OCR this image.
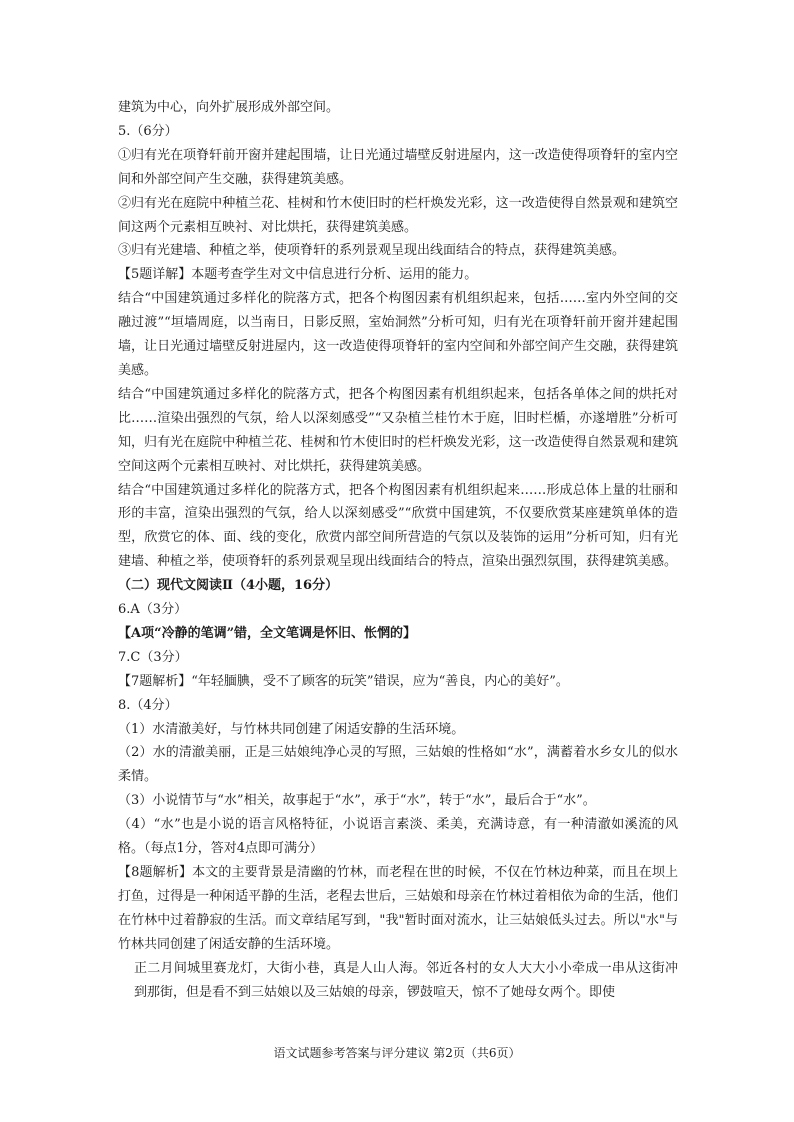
建筑为中心，向外扩展形成外部空间。

5.（6分）

①归有光在项脊轩前开窗并建起围墙，让日光通过墙壁反射进屋内，这一改造使得项脊轩的室内空间和外部空间产生交融，获得建筑美感。

②归有光在庭院中种植兰花、桂树和竹木使旧时的栏杆焕发光彩，这一改造使得自然景观和建筑空间这两个元素相互映衬、对比烘托，获得建筑美感。

③归有光建墙、种植之举，使项脊轩的系列景观呈现出线面结合的特点，获得建筑美感。

【5题详解】本题考查学生对文中信息进行分析、运用的能力。

结合“中国建筑通过多样化的院落方式，把各个构图因素有机组织起来，包括……室内外空间的交融过渡”“垣墙周庭，以当南日，日影反照，室始洞然”分析可知，归有光在项脊轩前开窗并建起围墙，让日光通过墙壁反射进屋内，这一改造使得项脊轩的室内空间和外部空间产生交融，获得建筑美感。

结合“中国建筑通过多样化的院落方式，把各个构图因素有机组织起来，包括各单体之间的烘托对比……渲染出强烈的气氛，给人以深刻感受”“又杂植兰桂竹木于庭，旧时栏楯，亦遂增胜”分析可知，归有光在庭院中种植兰花、桂树和竹木使旧时的栏杆焕发光彩，这一改造使得自然景观和建筑空间这两个元素相互映衬、对比烘托，获得建筑美感。

结合“中国建筑通过多样化的院落方式，把各个构图因素有机组织起来……形成总体上量的壮丽和形的丰富，渲染出强烈的气氛，给人以深刻感受”“欣赏中国建筑，不仅要欣赏某座建筑单体的造型，欣赏它的体、面、线的变化，欣赏内部空间所营造的气氛以及装饰的运用”分析可知，归有光建墙、种植之举，使项脊轩的系列景观呈现出线面结合的特点，渲染出强烈氛围，获得建筑美感。

（二）现代文阅读Ⅱ（4小题，16分）

6.A（3分）

【A项“冷静的笔调”错，全文笔调是怀旧、怅惘的】

7.C（3分）

【7题解析】“年轻腼腆，受不了顾客的玩笑”错误，应为“善良，内心的美好”。

8.（4分）

（1）水清澈美好，与竹林共同创建了闲适安静的生活环境。

（2）水的清澈美丽，正是三姑娘纯净心灵的写照，三姑娘的性格如“水”，满蓄着水乡女儿的似水柔情。

（3）小说情节与“水”相关，故事起于“水”，承于“水”，转于“水”，最后合于“水”。

（4）“水”也是小说的语言风格特征，小说语言素淡、柔美，充满诗意，有一种清澈如溪流的风格。（每点1分，答对4点即可满分）

【8题解析】本文的主要背景是清幽的竹林，而老程在世的时候，不仅在竹林边种菜，而且在坝上打鱼，过得是一种闲适平静的生活，老程去世后，三姑娘和母亲在竹林过着相依为命的生活，他们在竹林中过着静寂的生活。而文章结尾写到，"我"暂时面对流水，让三姑娘低头过去。所以"水"与竹林共同创建了闲适安静的生活环境。

正二月间城里赛龙灯，大街小巷，真是人山人海。邻近各村的女人大大小小牵成一串从这街冲到那街，但是看不到三姑娘以及三姑娘的母亲，锣鼓喧天，惊不了她母女两个。即使

语文试题参考答案与评分建议 第2页（共6页）
